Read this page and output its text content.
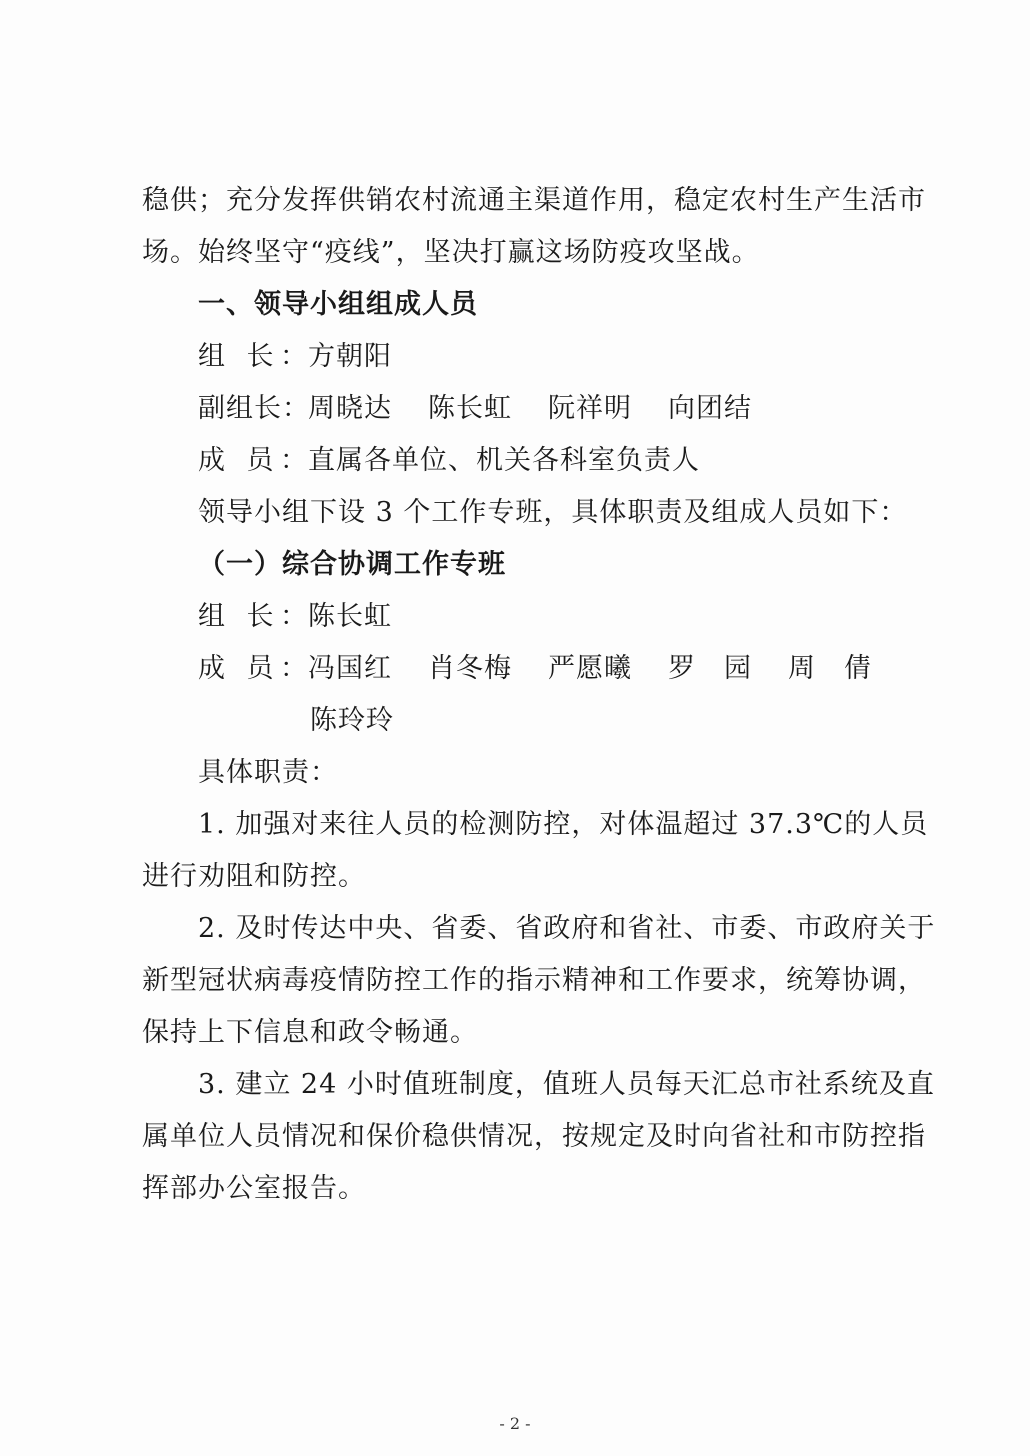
稳供；充分发挥供销农村流通主渠道作用，稳定农村生产生活市
场。始终坚守“疫线”，坚决打赢这场防疫攻坚战。
一、领导小组组成人员
组 长：方朝阳
副组长：周晓达 陈长虹 阮祥明 向团结
成 员：直属各单位、机关各科室负责人
领导小组下设 3 个工作专班，具体职责及组成人员如下：
（一）综合协调工作专班
组 长：陈长虹
成 员：冯国红 肖冬梅 严愿曦 罗　园 周　倩
陈玲玲
具体职责：
1. 加强对来往人员的检测防控，对体温超过 37.3℃的人员
进行劝阻和防控。
2. 及时传达中央、省委、省政府和省社、市委、市政府关于
新型冠状病毒疫情防控工作的指示精神和工作要求，统筹协调，
保持上下信息和政令畅通。
3. 建立 24 小时值班制度，值班人员每天汇总市社系统及直
属单位人员情况和保价稳供情况，按规定及时向省社和市防控指
挥部办公室报告。
- 2 -
